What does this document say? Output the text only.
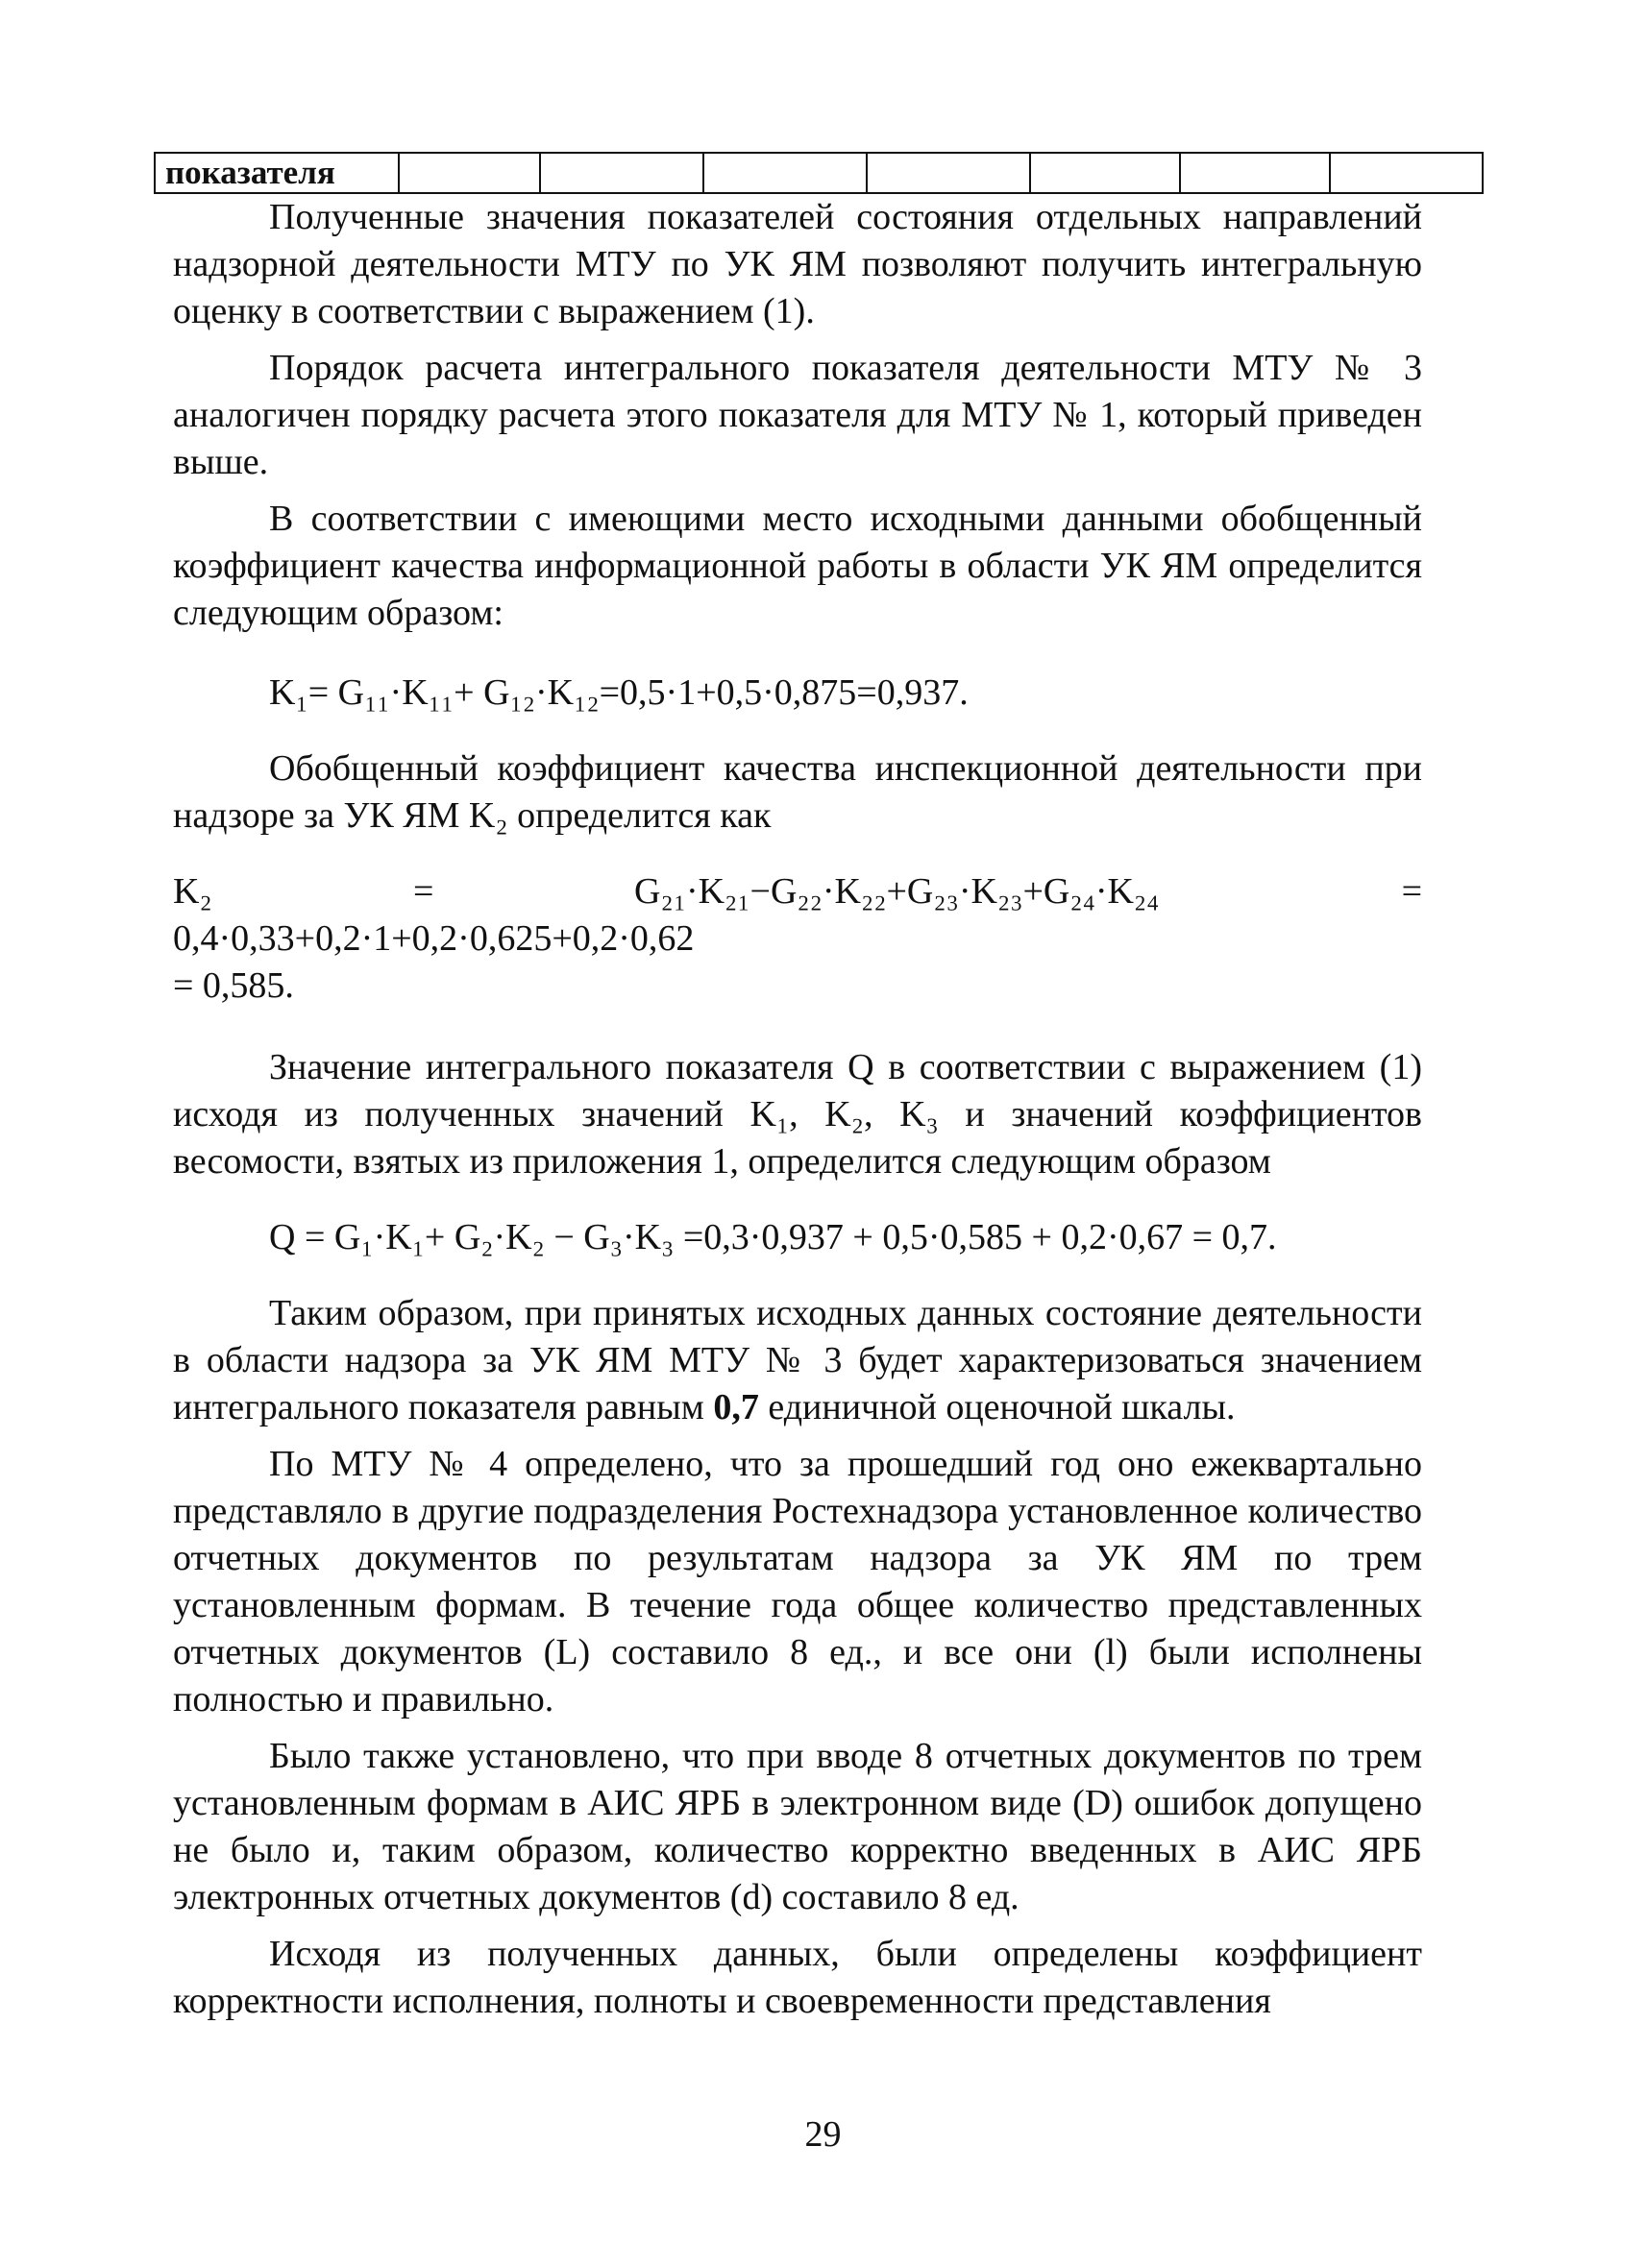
показателя								

Полученные значения показателей состояния отдельных направлений надзорной деятельности МТУ по УК ЯМ позволяют получить интегральную оценку в соответствии с выражением (1).

Порядок расчета интегрального показателя деятельности МТУ № 3 аналогичен порядку расчета этого показателя для МТУ № 1, который приведен выше.

В соответствии с имеющими место исходными данными обобщенный коэффициент качества информационной работы в области УК ЯМ определится следующим образом:

K₁= G₁₁·K₁₁+ G₁₂·K₁₂=0,5·1+0,5·0,875=0,937.

Обобщенный коэффициент качества инспекционной деятельности при надзоре за УК ЯМ K₂ определится как

K₂	=	G₂₁·K₂₁−G₂₂·K₂₂+G₂₃·K₂₃+G₂₄·K₂₄	=
0,4·0,33+0,2·1+0,2·0,625+0,2·0,62
= 0,585.

Значение интегрального показателя Q в соответствии с выражением (1) исходя из полученных значений K₁, K₂, K₃ и значений коэффициентов весомости, взятых из приложения 1, определится следующим образом

Q = G₁·K₁+ G₂·K₂ − G₃·K₃ =0,3·0,937 + 0,5·0,585 + 0,2·0,67 = 0,7.

Таким образом, при принятых исходных данных состояние деятельности в области надзора за УК ЯМ МТУ № 3 будет характеризоваться значением интегрального показателя равным 0,7 единичной оценочной шкалы.

По МТУ № 4 определено, что за прошедший год оно ежеквартально представляло в другие подразделения Ростехнадзора установленное количество отчетных документов по результатам надзора за УК ЯМ по трем установленным формам. В течение года общее количество представленных отчетных документов (L) составило 8 ед., и все они (l) были исполнены полностью и правильно.

Было также установлено, что при вводе 8 отчетных документов по трем установленным формам в АИС ЯРБ в электронном виде (D) ошибок допущено не было и, таким образом, количество корректно введенных в АИС ЯРБ электронных отчетных документов (d) составило 8 ед.

Исходя из полученных данных, были определены коэффициент корректности исполнения, полноты и своевременности представления

29
